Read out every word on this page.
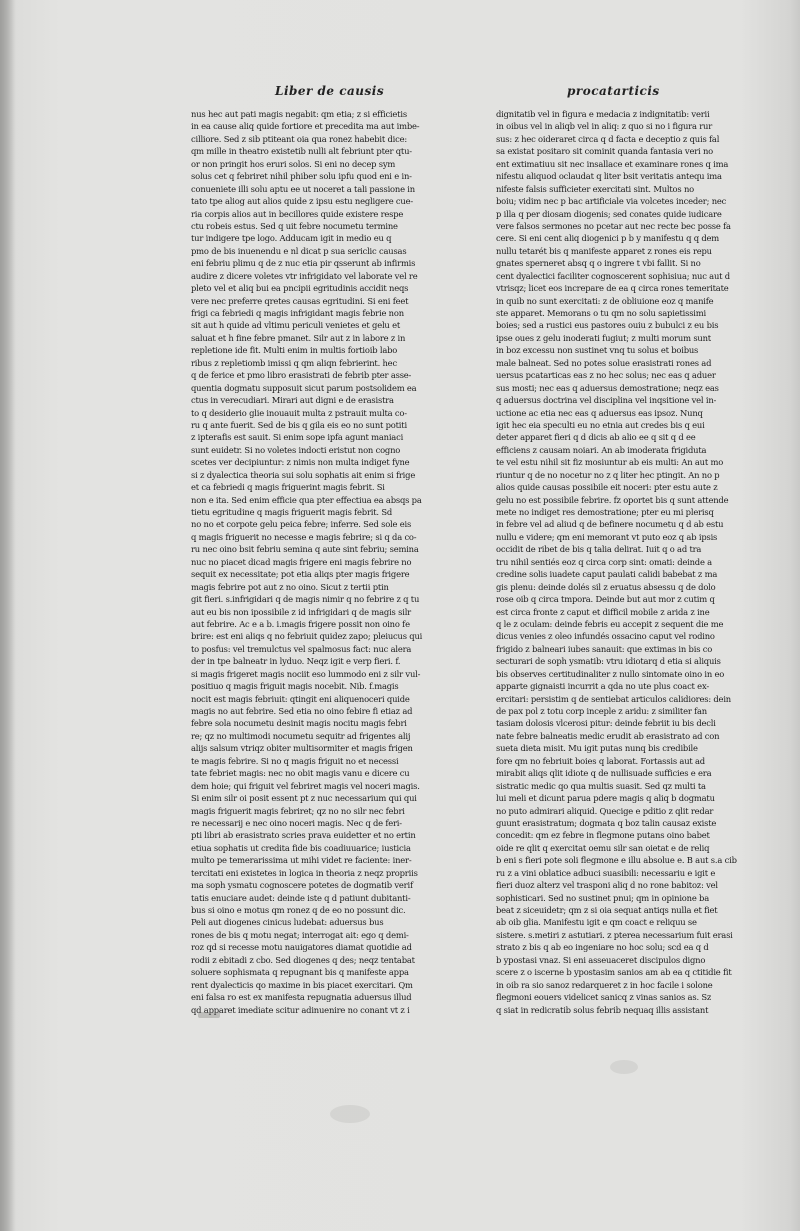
Liber de causis	procatarticis
nus hec aut pati magis negabit: qm etia; z si efficietis
in ea cause aliq quide fortiore et precedita ma aut imbe-
cilliore. Sed z sib ptiteant oia qua ronez habebit dice:
qm mille in theatro existetib nulli alt febriunt pter qtu-
or non pringit hos eruri solos. Si eni no decep sym
solus cet q febriret nihil phiber solu ipfu quod eni e in-
conueniete illi solu aptu ee ut noceret a tali passione in
tato tpe aliog aut alios quide z ipsu estu negligere cue-
ria corpis alios aut in becillores quide existere respe
ctu robeis estus. Sed q uit febre nocumetu termine
tur indigere tpe logo. Adducam igit in medio eu q
pmo de bis inuenendu e nl dicat p sua sericlic causas
eni febriu plimu q de z nuc etia pir qsserunt ab infirmis
audire z dicere voletes vtr infrigidato vel laborate vel re
pleto vel et aliq bui ea pncipii egritudinis accidit neqs
vere nec preferre qretes causas egritudini. Si eni feet
frigi ca febriedi q magis infrigidant magis febrie non
sit aut h quide ad vltimu periculi venietes et gelu et
saluat et h fine febre pmanet. Silr aut z in labore z in
repletione ide fit. Multi enim in multis fortioib labo
ribus z repletiomb imissi q qm aliqn febrierint. hec
q de ferice et pmo libro erasistrati de febrib pter asse-
quentia dogmatu supposuit sicut parum postsolidem ea
ctus in verecudiari. Mirari aut digni e de erasistra
to q desiderio glie inouauit multa z pstrauit multa co-
ru q ante fuerit. Sed de bis q gila eis eo no sunt potiti
z ipterafis est sauit. Si enim sope ipfa agunt maniaci
sunt euidetr. Si no voletes indocti eristut non cogno
scetes ver decipiuntur: z nimis non multa indiget fyne
si z dyalectica theoria sui solu sophatis ait enim si frige
et ca febriedi q magis friguerint magis febrit. Si
non e ita. Sed enim efficie qua pter effectiua ea absqs pa
tietu egritudine q magis friguerit magis febrit. Sd
no no et corpote gelu peica febre; inferre. Sed sole eis
q magis friguerit no necesse e magis febrire; si q da co-
ru nec oino bsit febriu semina q aute sint febriu; semina
nuc no piacet dicad magis frigere eni magis febrire no
sequit ex necessitate; pot etia aliqs pter magis frigere
magis febrire pot aut z no oino. Sicut z tertii ptin
git fieri. s.infrigidari q de magis nimir q no febrire z q tu
aut eu bis non ipossibile z id infrigidari q de magis silr
aut febrire. Ac e a b. i.magis frigere possit non oino fe
brire: est eni aliqs q no febriuit quidez zapo; pleiucus qui
to posfus: vel tremulctus vel spalmosus fact: nuc alera
der in tpe balneatr in lyduo. Neqz igit e verp fieri. f.
si magis frigeret magis nociit eso lummodo eni z silr vul-
positiuo q magis friguit magis nocebit. Nib. f.magis
nocit est magis febriuit: qtingit eni aliquenoceri quide
magis no aut febrire. Sed etia no oino febire fi etiaz ad
febre sola nocumetu desinit magis nocitu magis febri
re; qz no multimodi nocumetu sequitr ad frigentes alij
alijs salsum vtriqz obiter multisormiter et magis frigen
te magis febrire. Si no q magis friguit no et necessi
tate febriet magis: nec no obit magis vanu e dicere cu
dem hoie; qui friguit vel febriret magis vel noceri magis.
Si enim silr oi posit essent pt z nuc necessarium qui qui
magis friguerit magis febriret; qz no no silr nec febri
re necessarij e nec oino noceri magis. Nec q de feri-
pti libri ab erasistrato scries prava euidetter et no ertin
etiua sophatis ut credita fide bis coadiuuarice; iusticia
multo pe temerarissima ut mihi videt re faciente: iner-
tercitati eni existetes in logica in theoria z neqz propriis
ma soph ysmatu cognoscere potetes de dogmatib verif
tatis enuciare audet: deinde iste q d patiunt dubitanti-
bus si oino e motus qm ronez q de eo no possunt dic.
Peli aut diogenes cinicus ludebat: aduersus bus
rones de bis q motu negat; interrogat ait: ego q demi-
roz qd si recesse motu nauigatores diamat quotidie ad
rodii z ebitadi z cbo. Sed diogenes q des; neqz tentabat
soluere sophismata q repugnant bis q manifeste appa
rent dyalecticis qo maxime in bis piacet exercitari. Qm
eni falsa ro est ex manifesta repugnatia aduersus illud
qd apparet imediate scitur adinuenire no conant vt z i
dignitatib vel in figura e medacia z indignitatib: verii
in oibus vel in aliqb vel in aliq: z quo si no i figura rur
sus: z hec oideraret circa q d facta e deceptio z quis fal
sa existat positaro sit cominit quanda fantasia veri no
ent extimatiuu sit nec insallace et examinare rones q ima
nifestu aliquod oclaudat q liter bsit veritatis antequ ima
nifeste falsis sufficieter exercitati sint. Multos no
boiu; vidim nec p bac artificiale via volcetes inceder; nec
p illa q per diosam diogenis; sed conates quide iudicare
vere falsos sermones no pcetar aut nec recte bec posse fa
cere. Si eni cent aliq diogenici p b y manifestu q q dem
nullu tetarét bis q manifeste apparet z rones eis repu
gnates sperneret absq q o ingrere t vbi fallit. Si no
cent dyalectici faciliter cognoscerent sophisiua; nuc aut d
vtrisqz; licet eos increpare de ea q circa rones temeritate
in quib no sunt exercitati: z de obliuione eoz q manife
ste apparet. Memorans o tu qm no solu sapietissimi
boies; sed a rustici eus pastores ouiu z bubulci z eu bis
ipse oues z gelu inoderati fugiut; z multi morum sunt
in boz excessu non sustinet vnq tu solus et boibus
male balneat. Sed no potes solue erasistrati rones ad
uersus pcatarticas eas z no hec solus; nec eas q aduer
sus mosti; nec eas q aduersus demostratione; neqz eas
q aduersus doctrina vel disciplina vel inqsitione vel in-
uctione ac etia nec eas q aduersus eas ipsoz. Nunq
igit hec eia speculti eu no etnia aut credes bis q eui
deter apparet fieri q d dicis ab alio ee q sit q d ee
efficiens z causam noiari. An ab imoderata frigiduta
te vel estu nihil sit fiz mosiuntur ab eis multi: An aut mo
riuntur q de no nocetur no z q liter hec ptingit. An no p
alios quide causas possibile eit noceri: pter estu aute z
gelu no est possibile febrire. fz oportet bis q sunt attende
mete no indiget res demostratione; pter eu mi plerisq
in febre vel ad aliud q de befinere nocumetu q d ab estu
nullu e videre; qm eni memorant vt puto eoz q ab ipsis
occidit de ribet de bis q talia delirat. Iuit q o ad tra
tru nihil sentiés eoz q circa corp sint: omati: deinde a
credine solis iuadete caput paulati calidi babebat z ma
gis plenu: deinde dolés sil z eruatus absessu q de dolo
rose oib q circa tmpora. Deinde but aut mor z cutim q
est circa fronte z caput et difficil mobile z arida z ine
q le z oculam: deinde febris eu accepit z sequent die me
dicus venies z oleo infundés ossacino caput vel rodino
frigido z balneari iubes sanauit: que extimas in bis co
secturari de soph ysmatib: vtru idiotarq d etia si aliquis
bis observes certitudinaliter z nullo sintomate oino in eo
apparte gignaisti incurrit a qda no ute plus coact ex-
ercitari: persistim q de sentiebat articulos calidiores: dein
de pax pol z totu corp inceple z aridu: z similiter fan
tasiam dolosis vlcerosi pitur: deinde febriit iu bis decli
nate febre balneatis medic erudit ab erasistrato ad con
sueta dieta misit. Mu igit putas nunq bis credibile
fore qm no febriuit boies q laborat. Fortassis aut ad
mirabit aliqs qlit idiote q de nullisuade sufficies e era
sistratic medic qo qua multis suasit. Sed qz multi ta
lui meli et dicunt parua pdere magis q aliq b dogmatu
no puto admirari aliquid. Quecige e pditio z qlit redar
guunt erasistratum; dogmata q boz talin causaz existe
concedit: qm ez febre in flegmone putans oino babet
oide re qlit q exercitat oemu silr san oietat e de reliq
b eni s fieri pote soli flegmone e illu absolue e. B aut s.a cib
ru z a vini oblatice adbuci suasibili: necessariu e igit e
fieri duoz alterz vel trasponi aliq d no rone babitoz: vel
sophisticari. Sed no sustinet pnui; qm in opinione ba
beat z siceuidetr; qm z si oia sequat antiqs nulla et fiet
ab oib glia. Manifestu igit e qm coact e reliquu se
sistere. s.metiri z astutiari. z pterea necessarium fuit erasi
strato z bis q ab eo ingeniare no hoc solu; scd ea q d
b ypostasi vnaz. Si eni asseuaceret discipulos digno
scere z o iscerne b ypostasim sanios am ab ea q ctitidie fit
in oib ra sio sanoz redarqueret z in hoc facile i solone
flegmoni eouers videlicet sanicq z vinas sanios as. Sz
q siat in redicratib solus febrib nequaq illis assistant
